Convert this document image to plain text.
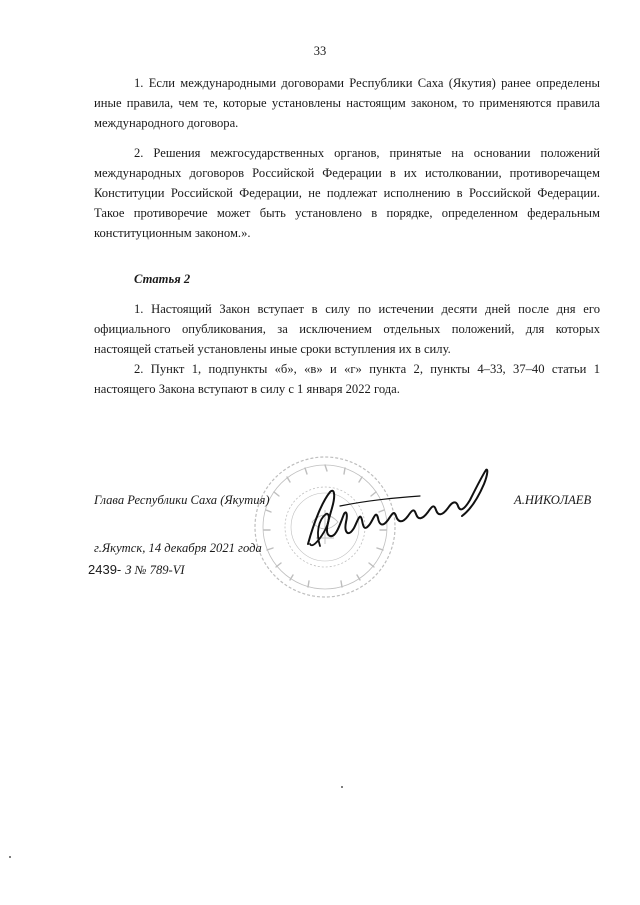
33

1. Если международными договорами Республики Саха (Якутия) ранее определены иные правила, чем те, которые установлены настоящим законом, то применяются правила международного договора.

2. Решения межгосударственных органов, принятые на основании положений международных договоров Российской Федерации в их истолковании, противоречащем Конституции Российской Федерации, не подлежат исполнению в Российской Федерации. Такое противоречие может быть установлено в порядке, определенном федеральным конституционным законом.».

Статья 2

1. Настоящий Закон вступает в силу по истечении десяти дней после дня его официального опубликования, за исключением отдельных положений, для которых настоящей статьей установлены иные сроки вступления их в силу.

2. Пункт 1, подпункты «б», «в» и «г» пункта 2, пункты 4–33, 37–40 статьи 1 настоящего Закона вступают в силу с 1 января 2022 года.

Глава Республики Саха (Якутия)	А.НИКОЛАЕВ
г.Якутск, 14 декабря 2021 года
2439- З № 789-VI
